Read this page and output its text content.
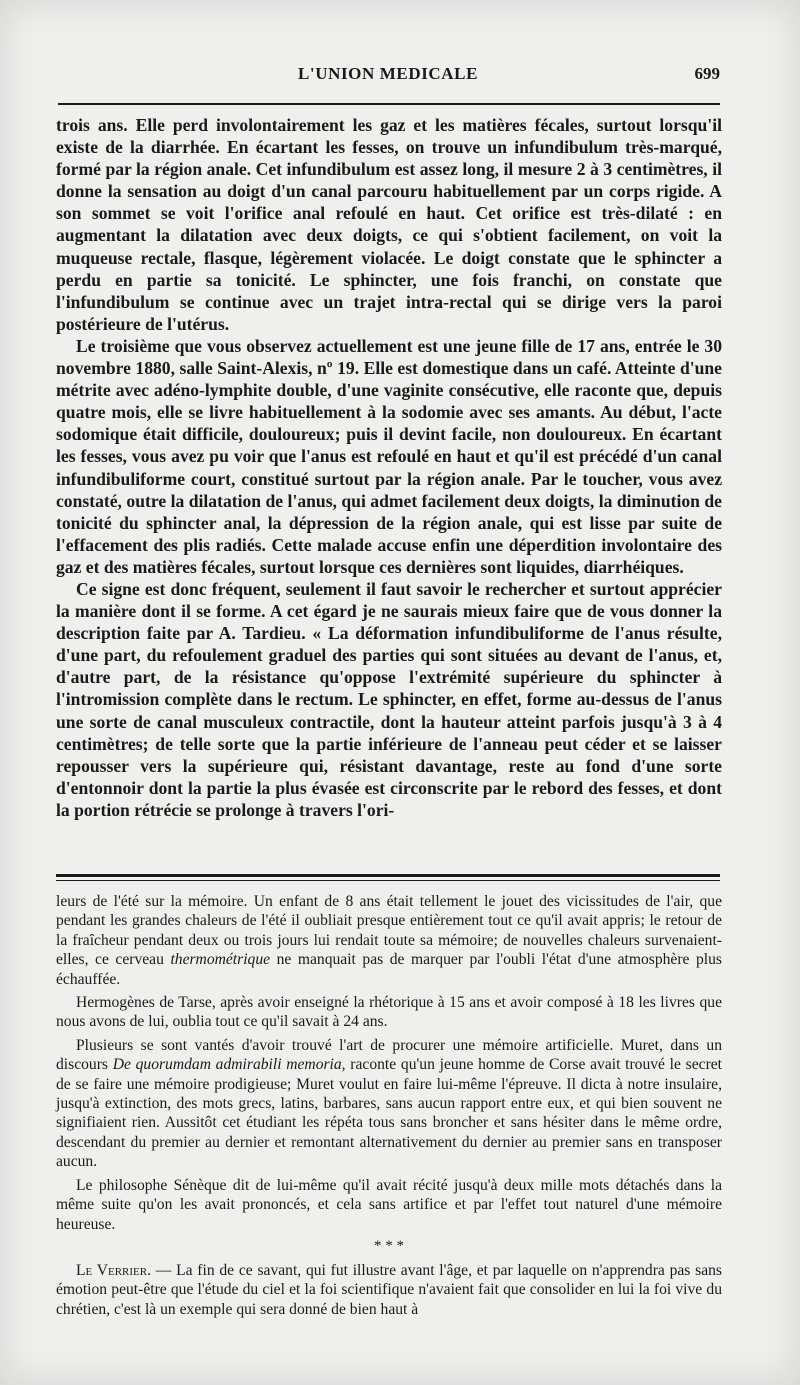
L'UNION MEDICALE	699

trois ans. Elle perd involontairement les gaz et les matières fécales, surtout lorsqu'il existe de la diarrhée. En écartant les fesses, on trouve un infundibulum très-marqué, formé par la région anale. Cet infundibulum est assez long, il mesure 2 à 3 centimètres, il donne la sensation au doigt d'un canal parcouru habituellement par un corps rigide. A son sommet se voit l'orifice anal refoulé en haut. Cet orifice est très-dilaté : en augmentant la dilatation avec deux doigts, ce qui s'obtient facilement, on voit la muqueuse rectale, flasque, légèrement violacée. Le doigt constate que le sphincter a perdu en partie sa tonicité. Le sphincter, une fois franchi, on constate que l'infundibulum se continue avec un trajet intra-rectal qui se dirige vers la paroi postérieure de l'utérus.

Le troisième que vous observez actuellement est une jeune fille de 17 ans, entrée le 30 novembre 1880, salle Saint-Alexis, nº 19. Elle est domestique dans un café. Atteinte d'une métrite avec adéno-lymphite double, d'une vaginite consécutive, elle raconte que, depuis quatre mois, elle se livre habituellement à la sodomie avec ses amants. Au début, l'acte sodomique était difficile, douloureux; puis il devint facile, non douloureux. En écartant les fesses, vous avez pu voir que l'anus est refoulé en haut et qu'il est précédé d'un canal infundibuliforme court, constitué surtout par la région anale. Par le toucher, vous avez constaté, outre la dilatation de l'anus, qui admet facilement deux doigts, la diminution de tonicité du sphincter anal, la dépression de la région anale, qui est lisse par suite de l'effacement des plis radiés. Cette malade accuse enfin une déperdition involontaire des gaz et des matières fécales, surtout lorsque ces dernières sont liquides, diarrhéiques.

Ce signe est donc fréquent, seulement il faut savoir le rechercher et surtout apprécier la manière dont il se forme. A cet égard je ne saurais mieux faire que de vous donner la description faite par A. Tardieu. « La déformation infundibuliforme de l'anus résulte, d'une part, du refoulement graduel des parties qui sont situées au devant de l'anus, et, d'autre part, de la résistance qu'oppose l'extrémité supérieure du sphincter à l'intromission complète dans le rectum. Le sphincter, en effet, forme au-dessus de l'anus une sorte de canal musculeux contractile, dont la hauteur atteint parfois jusqu'à 3 à 4 centimètres; de telle sorte que la partie inférieure de l'anneau peut céder et se laisser repousser vers la supérieure qui, résistant davantage, reste au fond d'une sorte d'entonnoir dont la partie la plus évasée est circonscrite par le rebord des fesses, et dont la portion rétrécie se prolonge à travers l'ori-

leurs de l'été sur la mémoire. Un enfant de 8 ans était tellement le jouet des vicissitudes de l'air, que pendant les grandes chaleurs de l'été il oubliait presque entièrement tout ce qu'il avait appris; le retour de la fraîcheur pendant deux ou trois jours lui rendait toute sa mémoire; de nouvelles chaleurs survenaient-elles, ce cerveau thermométrique ne manquait pas de marquer par l'oubli l'état d'une atmosphère plus échauffée.

Hermogènes de Tarse, après avoir enseigné la rhétorique à 15 ans et avoir composé à 18 les livres que nous avons de lui, oublia tout ce qu'il savait à 24 ans.

Plusieurs se sont vantés d'avoir trouvé l'art de procurer une mémoire artificielle. Muret, dans un discours De quorumdam admirabili memoria, raconte qu'un jeune homme de Corse avait trouvé le secret de se faire une mémoire prodigieuse; Muret voulut en faire lui-même l'épreuve. Il dicta à notre insulaire, jusqu'à extinction, des mots grecs, latins, barbares, sans aucun rapport entre eux, et qui bien souvent ne signifiaient rien. Aussitôt cet étudiant les répéta tous sans broncher et sans hésiter dans le même ordre, descendant du premier au dernier et remontant alternativement du dernier au premier sans en transposer aucun.

Le philosophe Sénèque dit de lui-même qu'il avait récité jusqu'à deux mille mots détachés dans la même suite qu'on les avait prononcés, et cela sans artifice et par l'effet tout naturel d'une mémoire heureuse.

* * *

Le Verrier. — La fin de ce savant, qui fut illustre avant l'âge, et par laquelle on n'apprendra pas sans émotion peut-être que l'étude du ciel et la foi scientifique n'avaient fait que consolider en lui la foi vive du chrétien, c'est là un exemple qui sera donné de bien haut à
